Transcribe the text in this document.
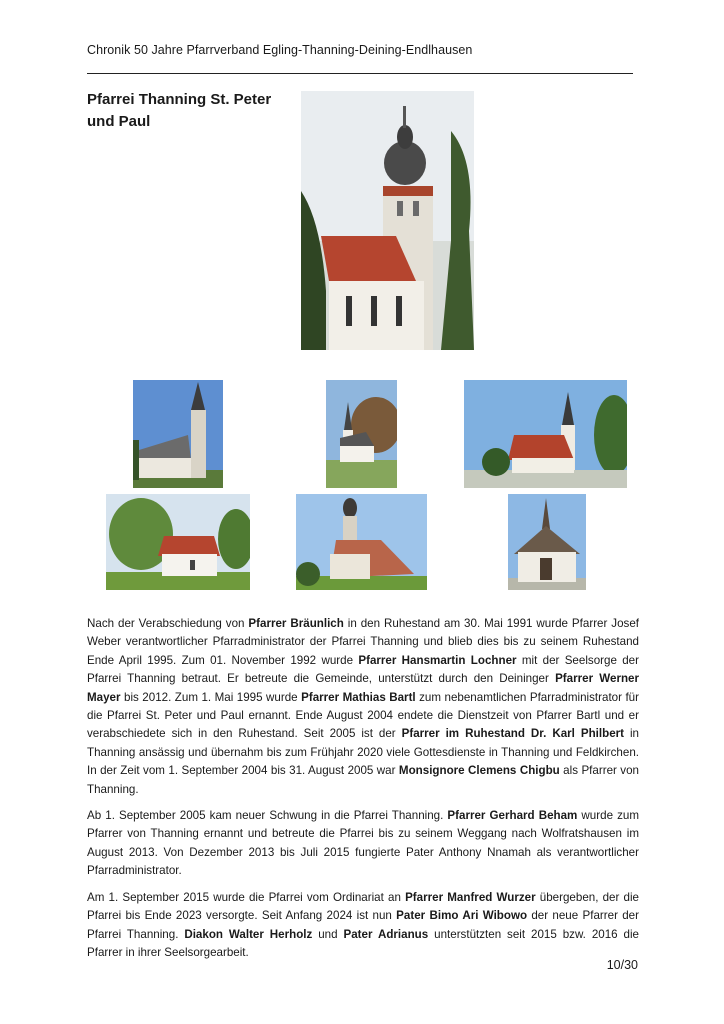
Chronik 50 Jahre Pfarrverband Egling-Thanning-Deining-Endlhausen
Pfarrei Thanning St. Peter
und Paul

Nach der Verabschiedung von Pfarrer Bräunlich in den Ruhestand am 30. Mai 1991 wurde Pfarrer Josef Weber verantwortlicher Pfarradministrator der Pfarrei Thanning und blieb dies bis zu seinem Ruhestand Ende April 1995. Zum 01. November 1992 wurde Pfarrer Hansmartin Lochner mit der Seelsorge der Pfarrei Thanning betraut. Er betreute die Gemeinde, unterstützt durch den Deininger Pfarrer Werner Mayer bis 2012. Zum 1. Mai 1995 wurde Pfarrer Mathias Bartl zum nebenamtlichen Pfarradministrator für die Pfarrei St. Peter und Paul ernannt. Ende August 2004 endete die Dienstzeit von Pfarrer Bartl und er verabschiedete sich in den Ruhestand. Seit 2005 ist der Pfarrer im Ruhestand Dr. Karl Philbert in Thanning ansässig und übernahm bis zum Frühjahr 2020 viele Gottesdienste in Thanning und Feldkirchen. In der Zeit vom 1. September 2004 bis 31. August 2005 war Monsignore Clemens Chigbu als Pfarrer von Thanning.

Ab 1. September 2005 kam neuer Schwung in die Pfarrei Thanning. Pfarrer Gerhard Beham wurde zum Pfarrer von Thanning ernannt und betreute die Pfarrei bis zu seinem Weggang nach Wolfratshausen im August 2013. Von Dezember 2013 bis Juli 2015 fungierte Pater Anthony Nnamah als verantwortlicher Pfarradministrator.

Am 1. September 2015 wurde die Pfarrei vom Ordinariat an Pfarrer Manfred Wurzer übergeben, der die Pfarrei bis Ende 2023 versorgte. Seit Anfang 2024 ist nun Pater Bimo Ari Wibowo der neue Pfarrer der Pfarrei Thanning. Diakon Walter Herholz und Pater Adrianus unterstützten seit 2015 bzw. 2016 die Pfarrer in ihrer Seelsorgearbeit.

10/30
